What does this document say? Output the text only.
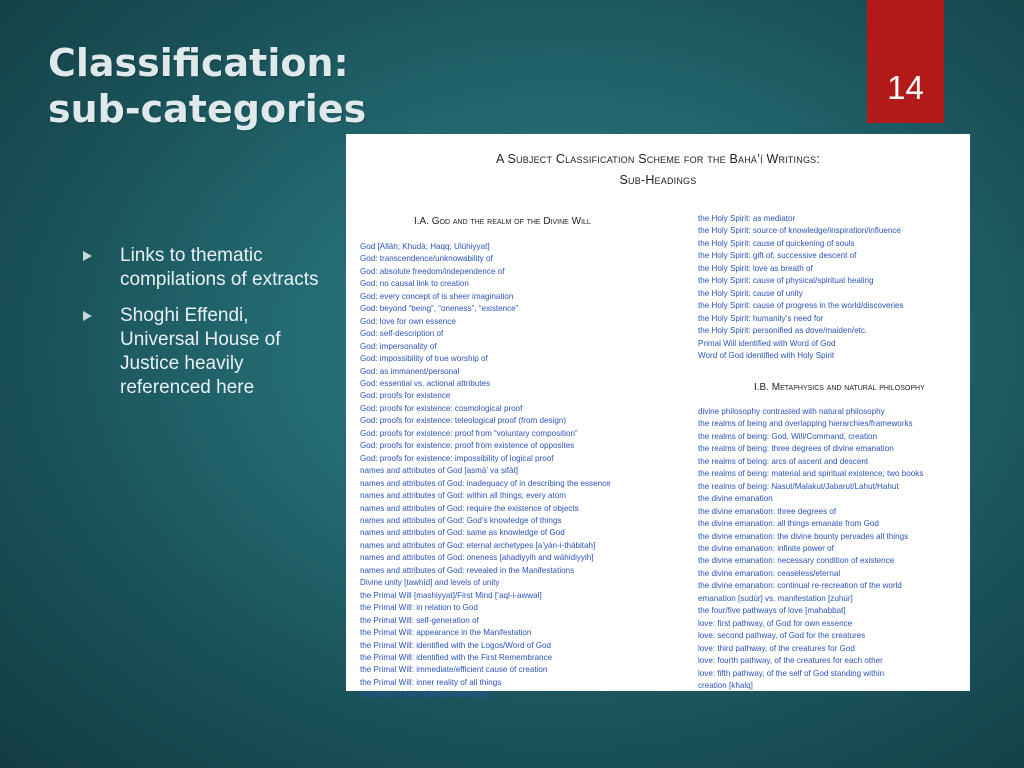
Classification:
sub-categories	14
Links to thematic compilations of extracts
Shoghi Effendi, Universal House of Justice heavily referenced here
A Subject Classification Scheme for the Bahá’í Writings:
Sub-Headings
I.A. God and the realm of the Divine Will
I.B. Metaphysics and natural philosophy
God [Alláh; Khudá; Haqq; Ulúhiyyat]
God: transcendence/unknowability of
God: absolute freedom/independence of
God: no causal link to creation
God: every concept of is sheer imagination
God: beyond “being”, “oneness”, “existence”
God: love for own essence
God: self-description of
God: impersonality of
God: impossibility of true worship of
God: as immanent/personal
God: essential vs. actional attributes
God: proofs for existence
God: proofs for existence: cosmological proof
God: proofs for existence: teleological proof (from design)
God: proofs for existence: proof from “voluntary composition”
God: proofs for existence: proof from existence of opposites
God: proofs for existence: impossibility of logical proof
names and attributes of God [asmá’ va ṣifát]
names and attributes of God: inadequacy of in describing the essence
names and attributes of God: within all things; every atom
names and attributes of God: require the existence of objects
names and attributes of God: God’s knowledge of things
names and attributes of God: same as knowledge of God
names and attributes of God: eternal archetypes [a’yán-i-thábitah]
names and attributes of God: oneness [ahadiyyih and wáhidiyyih]
names and attributes of God: revealed in the Manifestations
Divine unity [tawhíd] and levels of unity
the Primal Will [mashiyyat]/First Mind [‘aql-i-awwal]
the Primal Will: in relation to God
the Primal Will: self-generation of
the Primal Will: appearance in the Manifestation
the Primal Will: identified with the Logos/Word of God
the Primal Will: identified with the First Remembrance
the Primal Will: immediate/efficient cause of creation
the Primal Will: inner reality of all things
the Word of God [kalimat-i-iláhiyyih]
the Holy Spirit: as mediator
the Holy Spirit: source of knowledge/inspiration/influence
the Holy Spirit: cause of quickening of souls
the Holy Spirit: gift of; successive descent of
the Holy Spirit: love as breath of
the Holy Spirit: cause of physical/spiritual healing
the Holy Spirit: cause of unity
the Holy Spirit: cause of progress in the world/discoveries
the Holy Spirit: humanity’s need for
the Holy Spirit: personified as dove/maiden/etc.
Primal Will identified with Word of God
Word of God identified with Holy Spirit
divine philosophy contrasted with natural philosophy
the realms of being and overlapping hierarchies/frameworks
the realms of being: God, Will/Command, creation
the realms of being: three degrees of divine emanation
the realms of being: arcs of ascent and descent
the realms of being: material and spiritual existence; two books
the realms of being: Nasut/Malakut/Jabarut/Lahut/Hahut
the divine emanation
the divine emanation: three degrees of
the divine emanation: all things emanate from God
the divine emanation: the divine bounty pervades all things
the divine emanation: infinite power of
the divine emanation: necessary condition of existence
the divine emanation: ceaseless/eternal
the divine emanation: continual re-recreation of the world
emanation [sudúr] vs. manifestation [zuhúr]
the four/five pathways of love [mahabbat]
love: first pathway, of God for own essence
love: second pathway, of God for the creatures
love: third pathway, of the creatures for God
love: fourth pathway, of the creatures for each other
love: fifth pathway, of the self of God standing within
creation [khalq]
